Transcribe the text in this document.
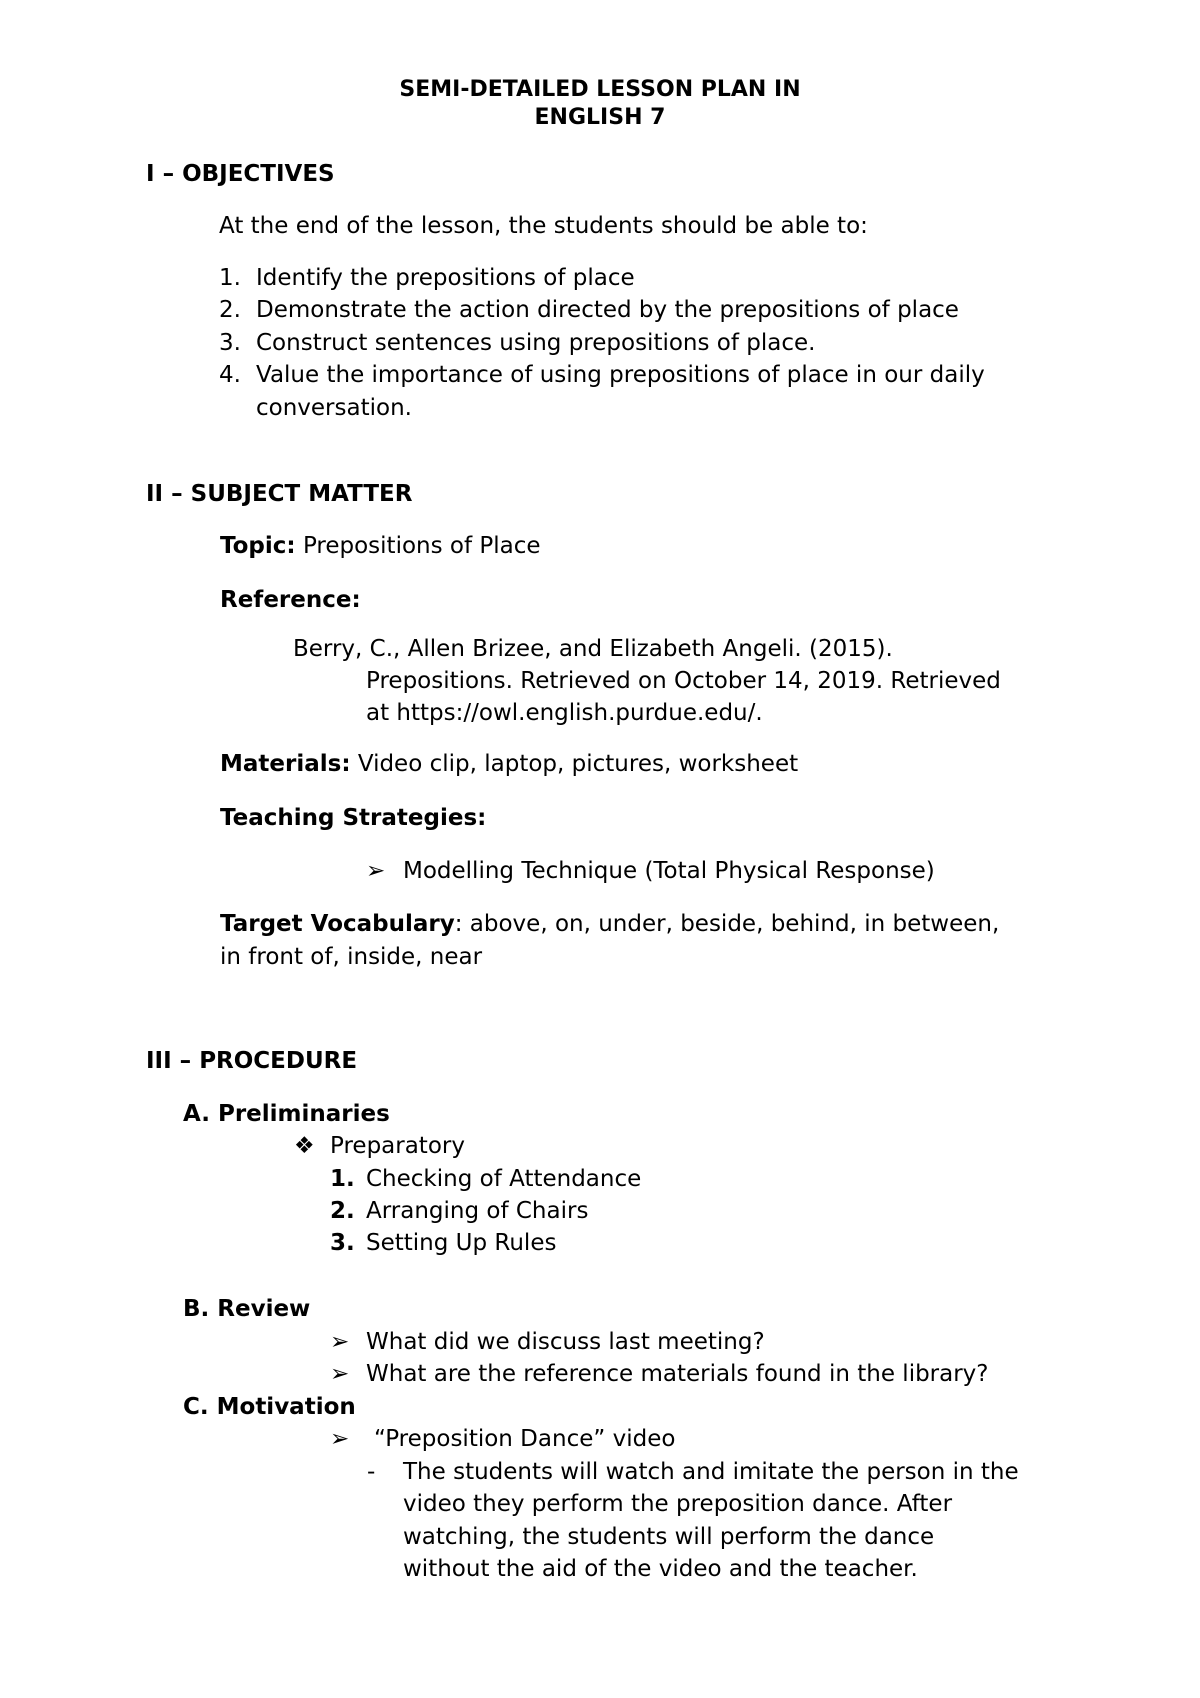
SEMI-DETAILED LESSON PLAN IN
ENGLISH 7
I – OBJECTIVES
At the end of the lesson, the students should be able to:
1. Identify the prepositions of place
2. Demonstrate the action directed by the prepositions of place
3. Construct sentences using prepositions of place.
4. Value the importance of using prepositions of place in our daily
conversation.
II – SUBJECT MATTER
Topic: Prepositions of Place
Reference:
Berry, C., Allen Brizee, and Elizabeth Angeli. (2015).
Prepositions. Retrieved on October 14, 2019. Retrieved
at https://owl.english.purdue.edu/.
Materials: Video clip, laptop, pictures, worksheet
Teaching Strategies:
➢ Modelling Technique (Total Physical Response)
Target Vocabulary: above, on, under, beside, behind, in between,
in front of, inside, near
III – PROCEDURE
A. Preliminaries
❖ Preparatory
1. Checking of Attendance
2. Arranging of Chairs
3. Setting Up Rules
B. Review
➢ What did we discuss last meeting?
➢ What are the reference materials found in the library?
C. Motivation
➢ “Preposition Dance” video
- The students will watch and imitate the person in the
video they perform the preposition dance. After
watching, the students will perform the dance
without the aid of the video and the teacher.
